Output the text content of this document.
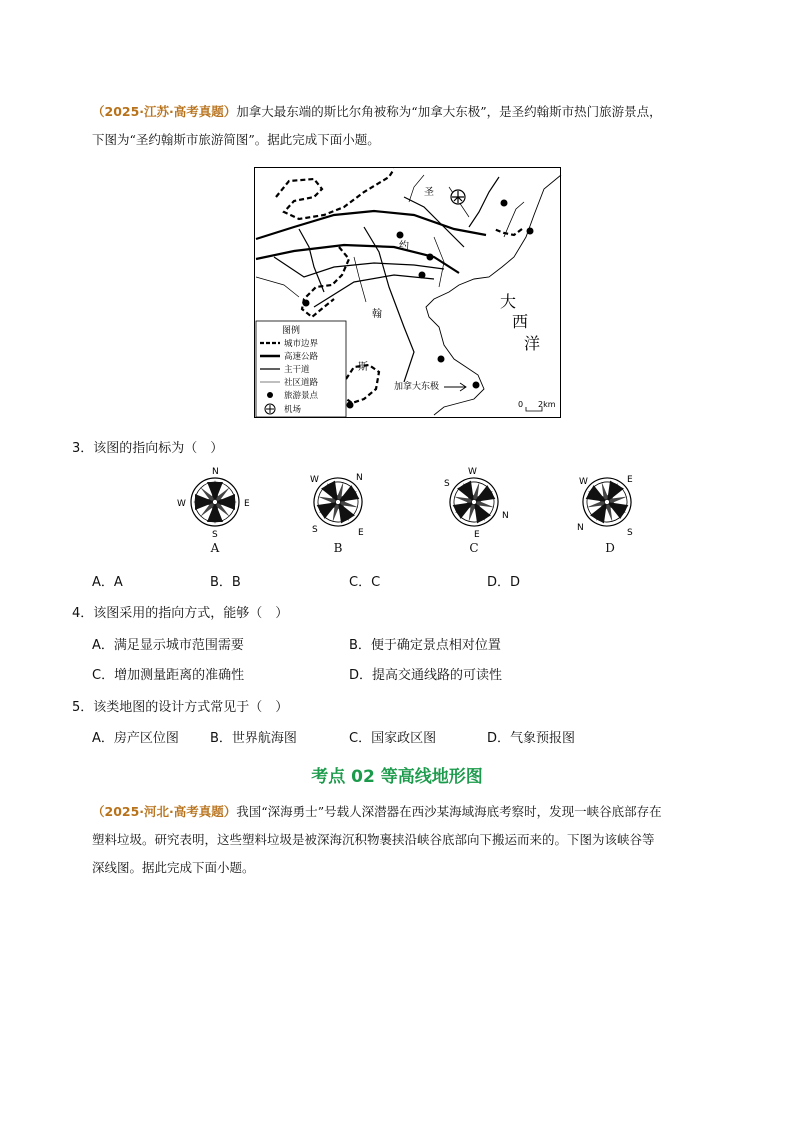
（2025·江苏·高考真题）加拿大最东端的斯比尔角被称为“加拿大东极”，是圣约翰斯市热门旅游景点，
下图为“圣约翰斯市旅游简图”。据此完成下面小题。
圣
约
翰
斯
大
西
洋
加拿大东极
0 2km
图例
城市边界
高速公路
主干道
社区道路
旅游景点
机场
3．该图的指向标为（　）
N
S
E
W
N
S	E
W	S
W
N
E
W	E
N	S
A	B	C	D
A．A	B．B	C．C	D．D
4．该图采用的指向方式，能够（　）
A．满足显示城市范围需要	B．便于确定景点相对位置
C．增加测量距离的准确性	D．提高交通线路的可读性
5．该类地图的设计方式常见于（　）
A．房产区位图 B．世界航海图	C．国家政区图	D．气象预报图
考点 02 等高线地形图
（2025·河北·高考真题）我国“深海勇士”号载人深潜器在西沙某海域海底考察时，发现一峡谷底部存在
塑料垃圾。研究表明，这些塑料垃圾是被深海沉积物裹挟沿峡谷底部向下搬运而来的。下图为该峡谷等
深线图。据此完成下面小题。
